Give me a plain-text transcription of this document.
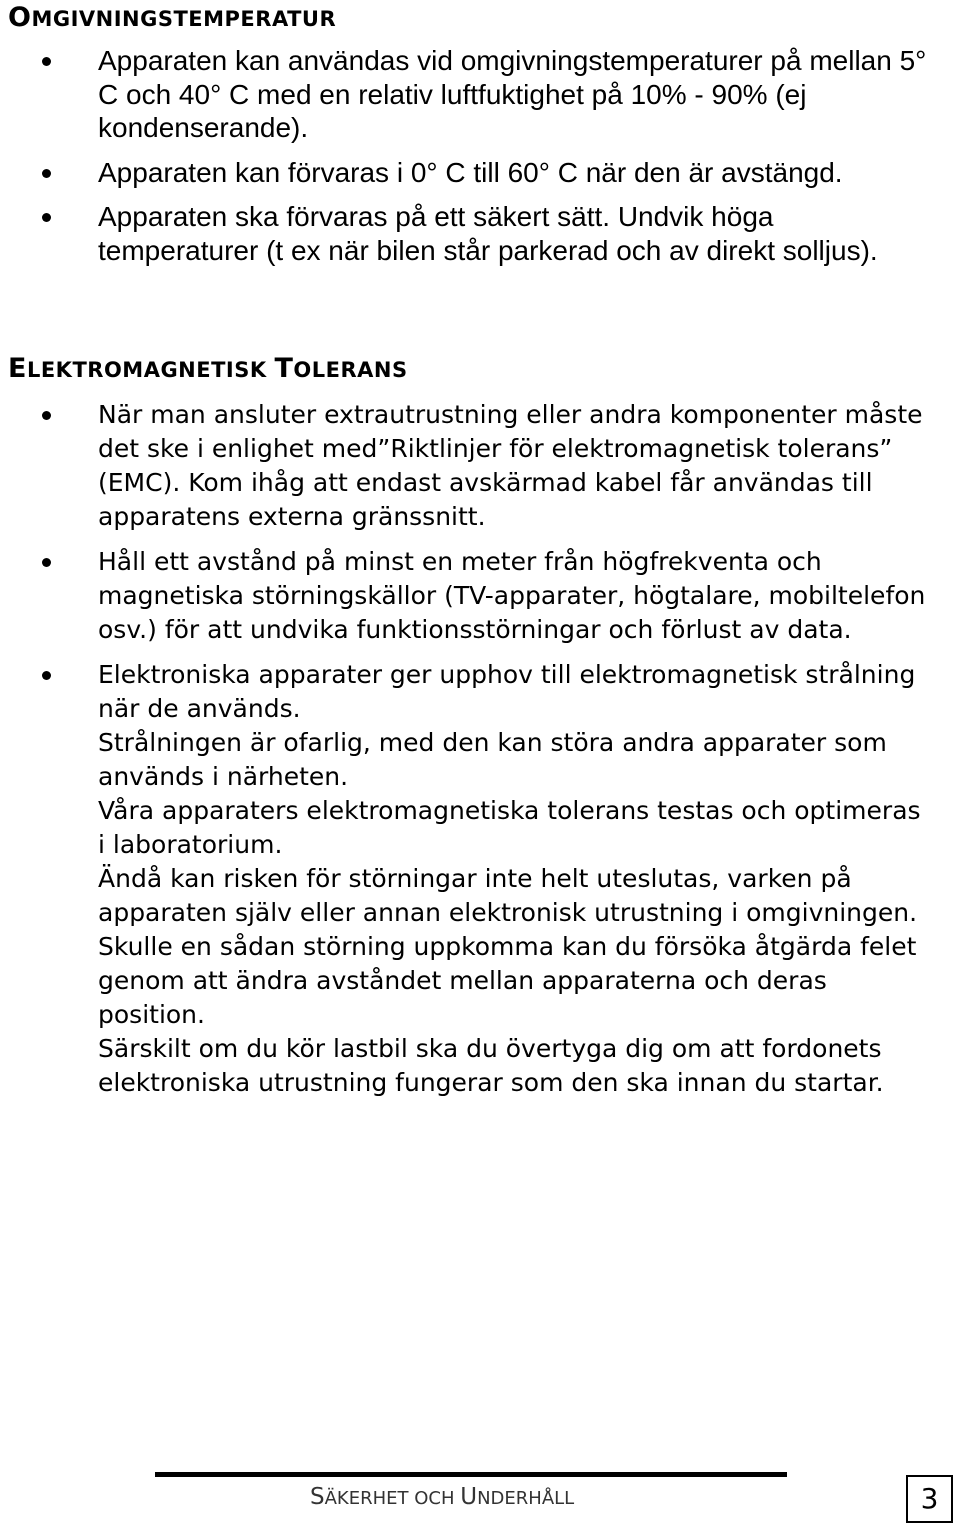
OMGIVNINGSTEMPERATUR
Apparaten kan användas vid omgivningstemperaturer på mellan 5° C och 40° C med en relativ luftfuktighet på 10% - 90% (ej kondenserande).
Apparaten kan förvaras i 0° C till 60° C när den är avstängd.
Apparaten ska förvaras på ett säkert sätt. Undvik höga temperaturer (t ex när bilen står parkerad och av direkt solljus).
ELEKTROMAGNETISK TOLERANS
När man ansluter extrautrustning eller andra komponenter måste det ske i enlighet med”Riktlinjer för elektromagnetisk tolerans” (EMC). Kom ihåg att endast avskärmad kabel får användas till apparatens externa gränssnitt.
Håll ett avstånd på minst en meter från högfrekventa och magnetiska störningskällor (TV-apparater, högtalare, mobiltelefon osv.) för att undvika funktionsstörningar och förlust av data.
Elektroniska apparater ger upphov till elektromagnetisk strålning när de används.
Strålningen är ofarlig, med den kan störa andra apparater som används i närheten.
Våra apparaters elektromagnetiska tolerans testas och optimeras i laboratorium.
Ändå kan risken för störningar inte helt uteslutas, varken på apparaten själv eller annan elektronisk utrustning i omgivningen.
Skulle en sådan störning uppkomma kan du försöka åtgärda felet genom att ändra avståndet mellan apparaterna och deras position.
Särskilt om du kör lastbil ska du övertyga dig om att fordonets elektroniska utrustning fungerar som den ska innan du startar.
SÄKERHET OCH UNDERHÅLL	3
